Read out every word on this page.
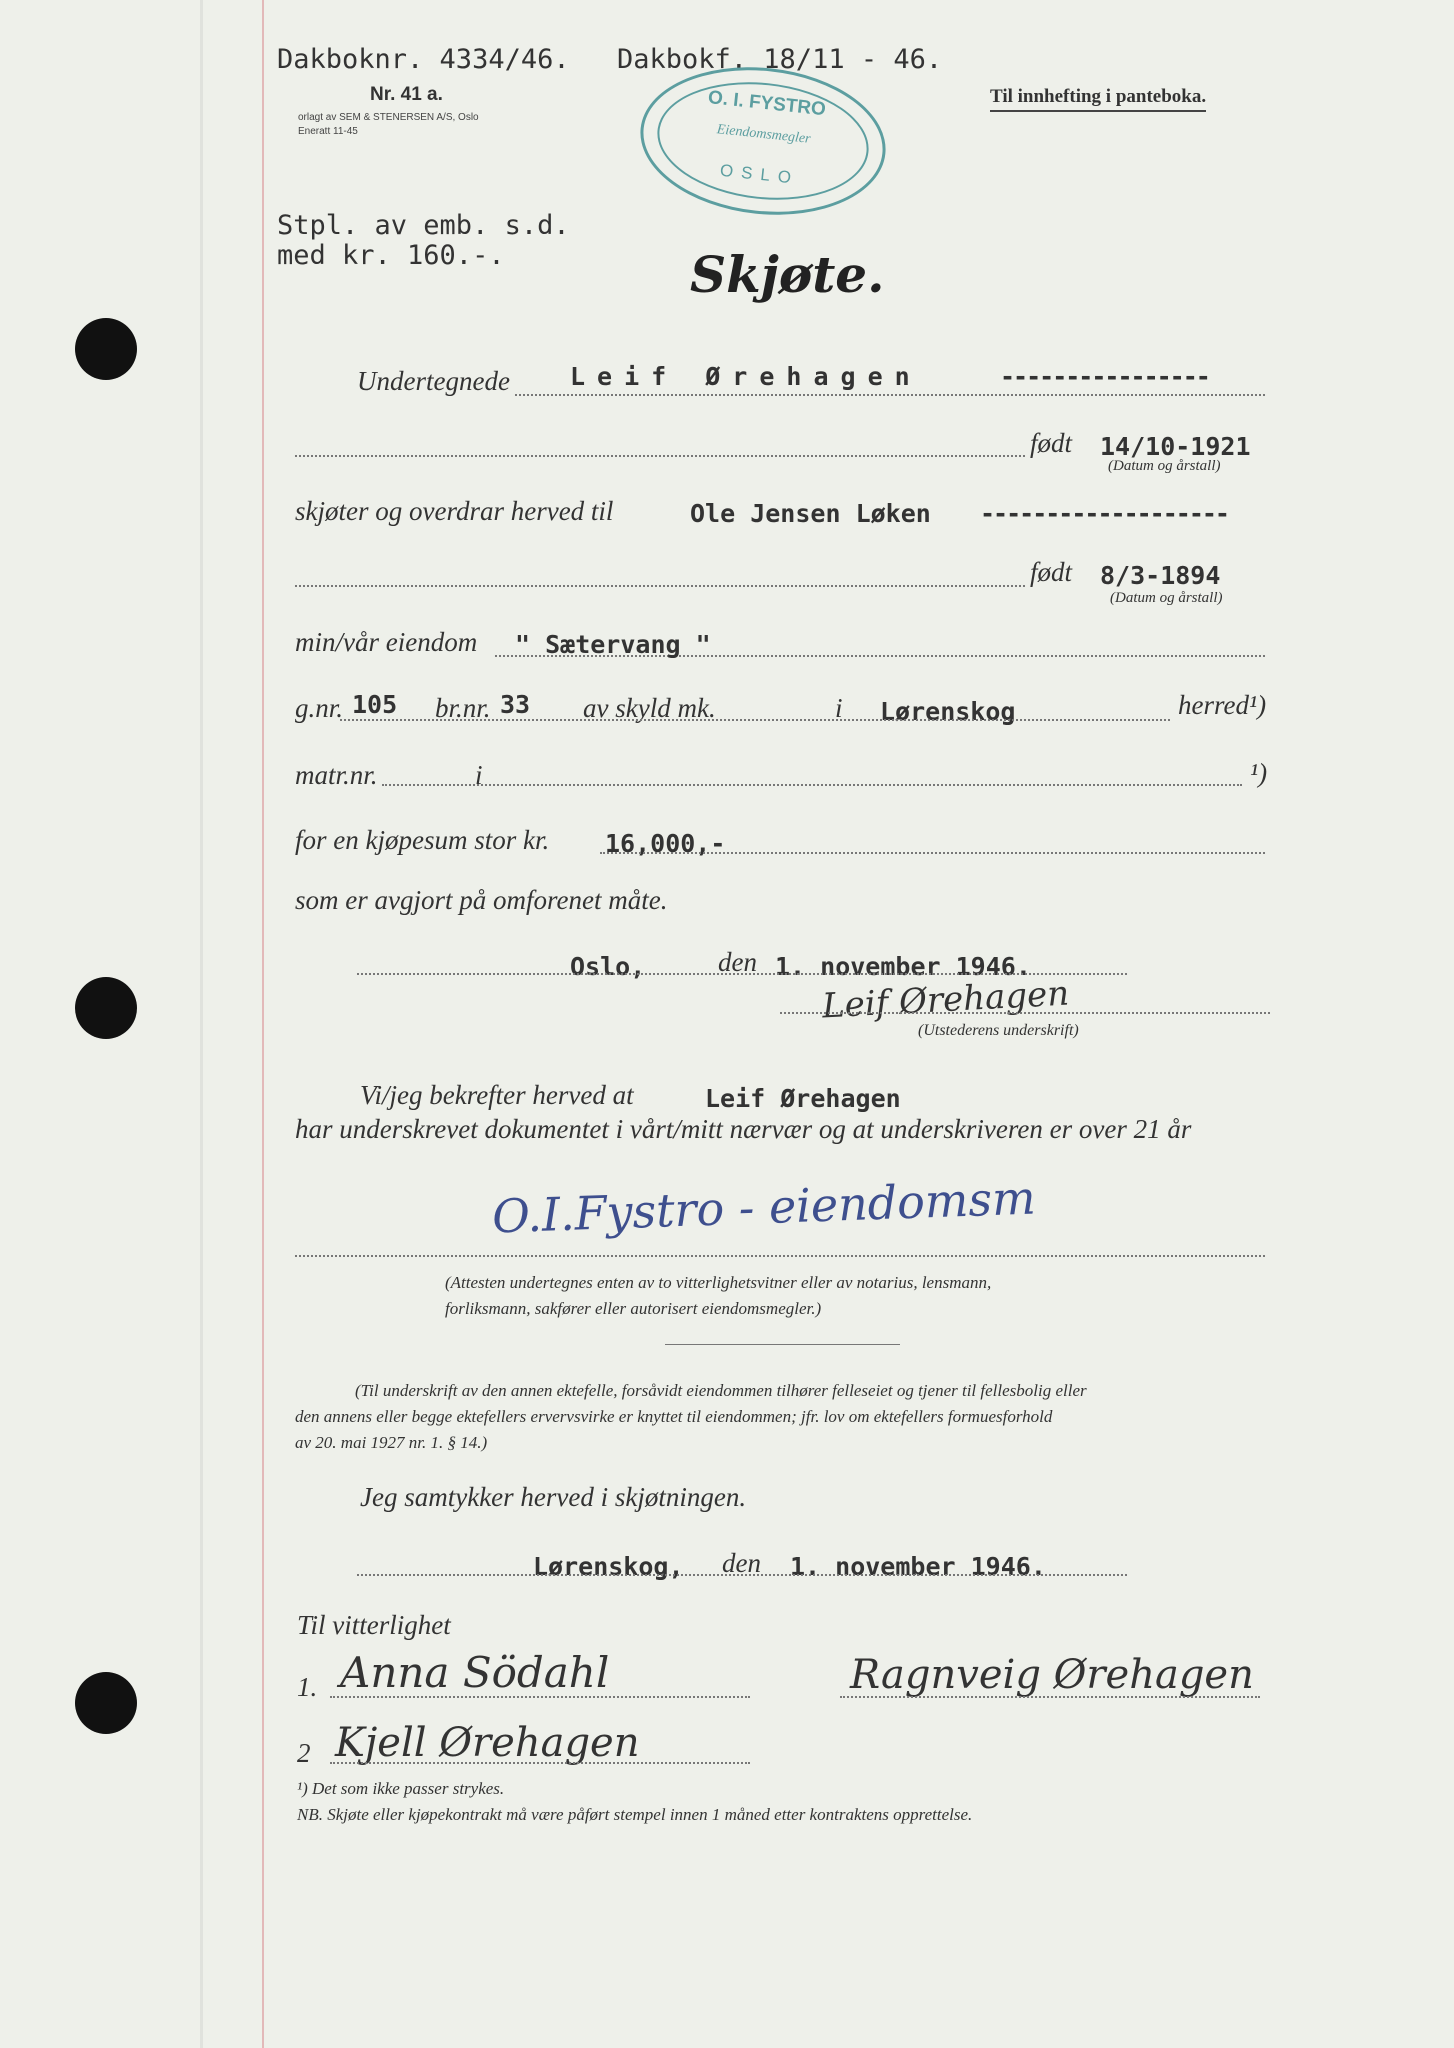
Dakboknr. 4334/46. Dakbokf. 18/11 - 46.
Nr. 41 a.
orlagt av SEM & STENERSEN A/S, Oslo
Eneratt 11-45
Til innhefting i panteboka.
O. I. FYSTRO
Eiendomsmegler
OSLO
Stpl. av emb. s.d.
med kr. 160.-.	Skjøte.
Undertegnede Leif Ørehagen	----------------
født 14/10-1921
(Datum og årstall)
skjøter og overdrar herved til	Ole Jensen Løken -------------------
født 8/3-1894
(Datum og årstall)
min/vår eiendom " Sætervang "
g.nr. 105 br.nr. 33 av skyld mk.	i Lørenskog	herred¹)
matr.nr.	i	¹)
for en kjøpesum stor kr. 16,000,-
som er avgjort på omforenet måte.
Oslo,	den 1. november 1946.
Leif Ørehagen
(Utstederens underskrift)
Vi/jeg bekrefter herved at	Leif Ørehagen
har underskrevet dokumentet i vårt/mitt nærvær og at underskriveren er over 21 år
O.I.Fystro - eiendomsm
(Attesten undertegnes enten av to vitterlighetsvitner eller av notarius, lensmann,
forliksmann, sakfører eller autorisert eiendomsmegler.)
(Til underskrift av den annen ektefelle, forsåvidt eiendommen tilhører felleseiet og tjener til fellesbolig eller
den annens eller begge ektefellers ervervsvirke er knyttet til eiendommen; jfr. lov om ektefellers formuesforhold
av 20. mai 1927 nr. 1. § 14.)
Jeg samtykker herved i skjøtningen.
Lørenskog, den 1. november 1946.
Til vitterlighet
1. Anna Södahl	Ragnveig Ørehagen
2 Kjell Ørehagen
¹) Det som ikke passer strykes.
NB. Skjøte eller kjøpekontrakt må være påført stempel innen 1 måned etter kontraktens opprettelse.
